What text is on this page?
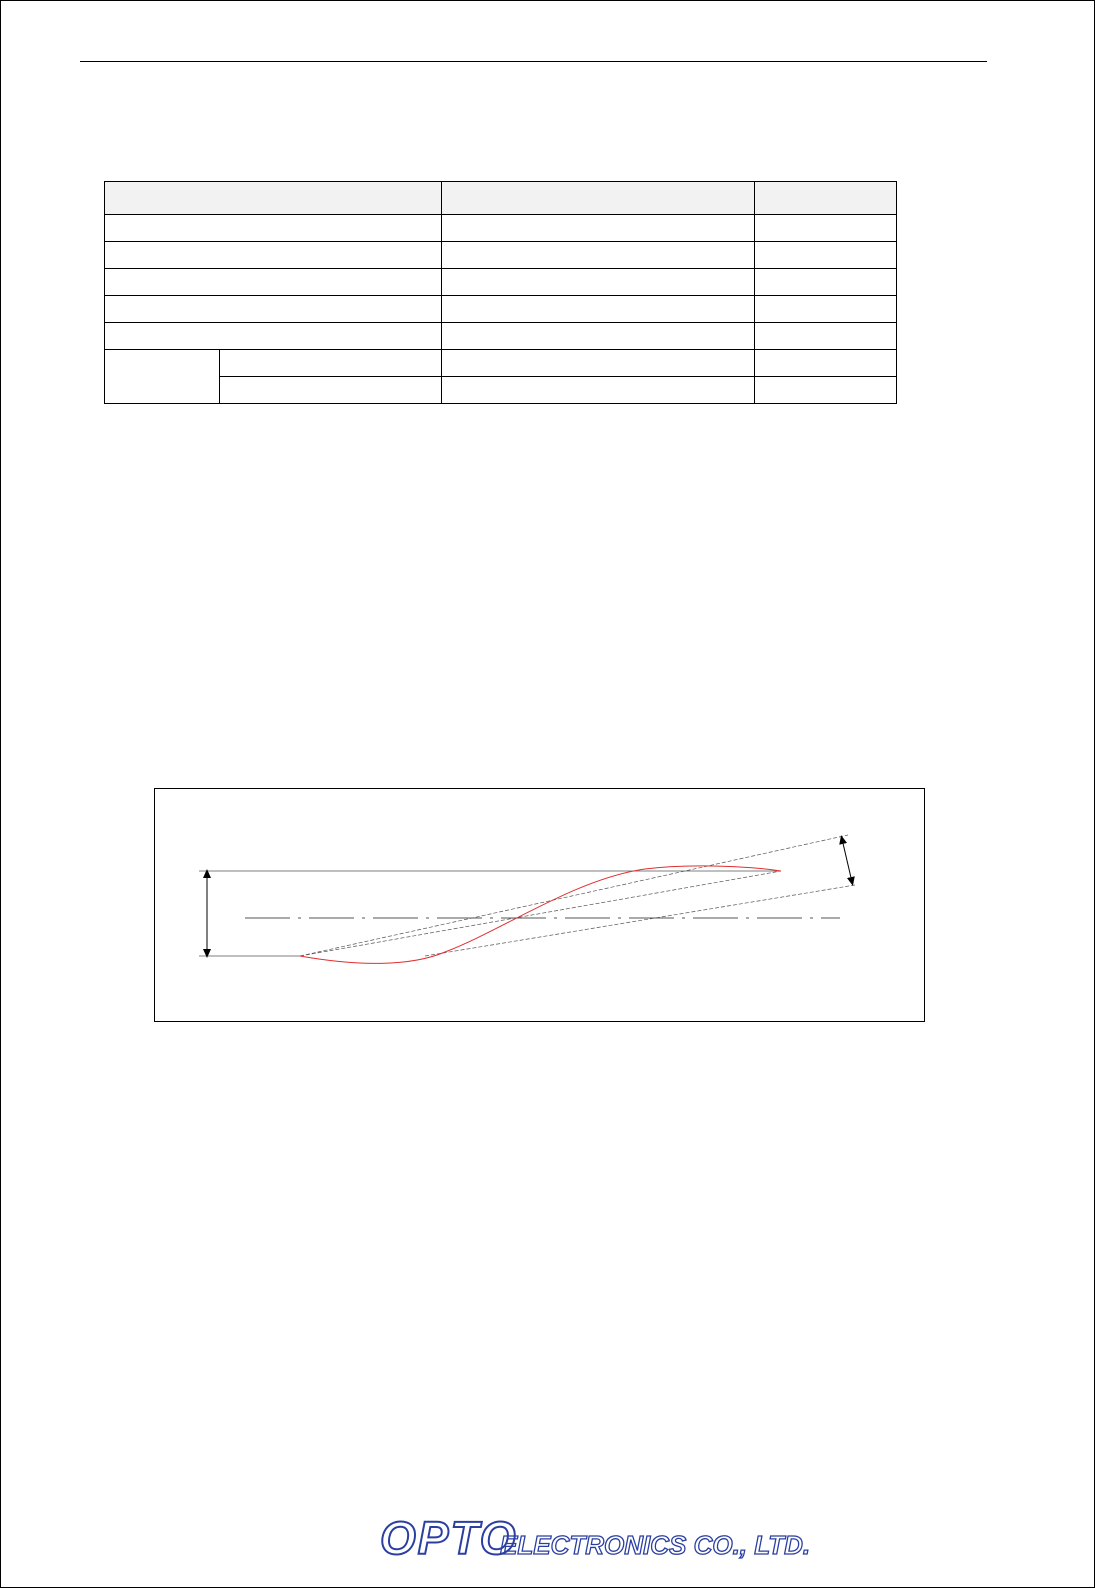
OPTO
ELECTRONICS CO., LTD.
